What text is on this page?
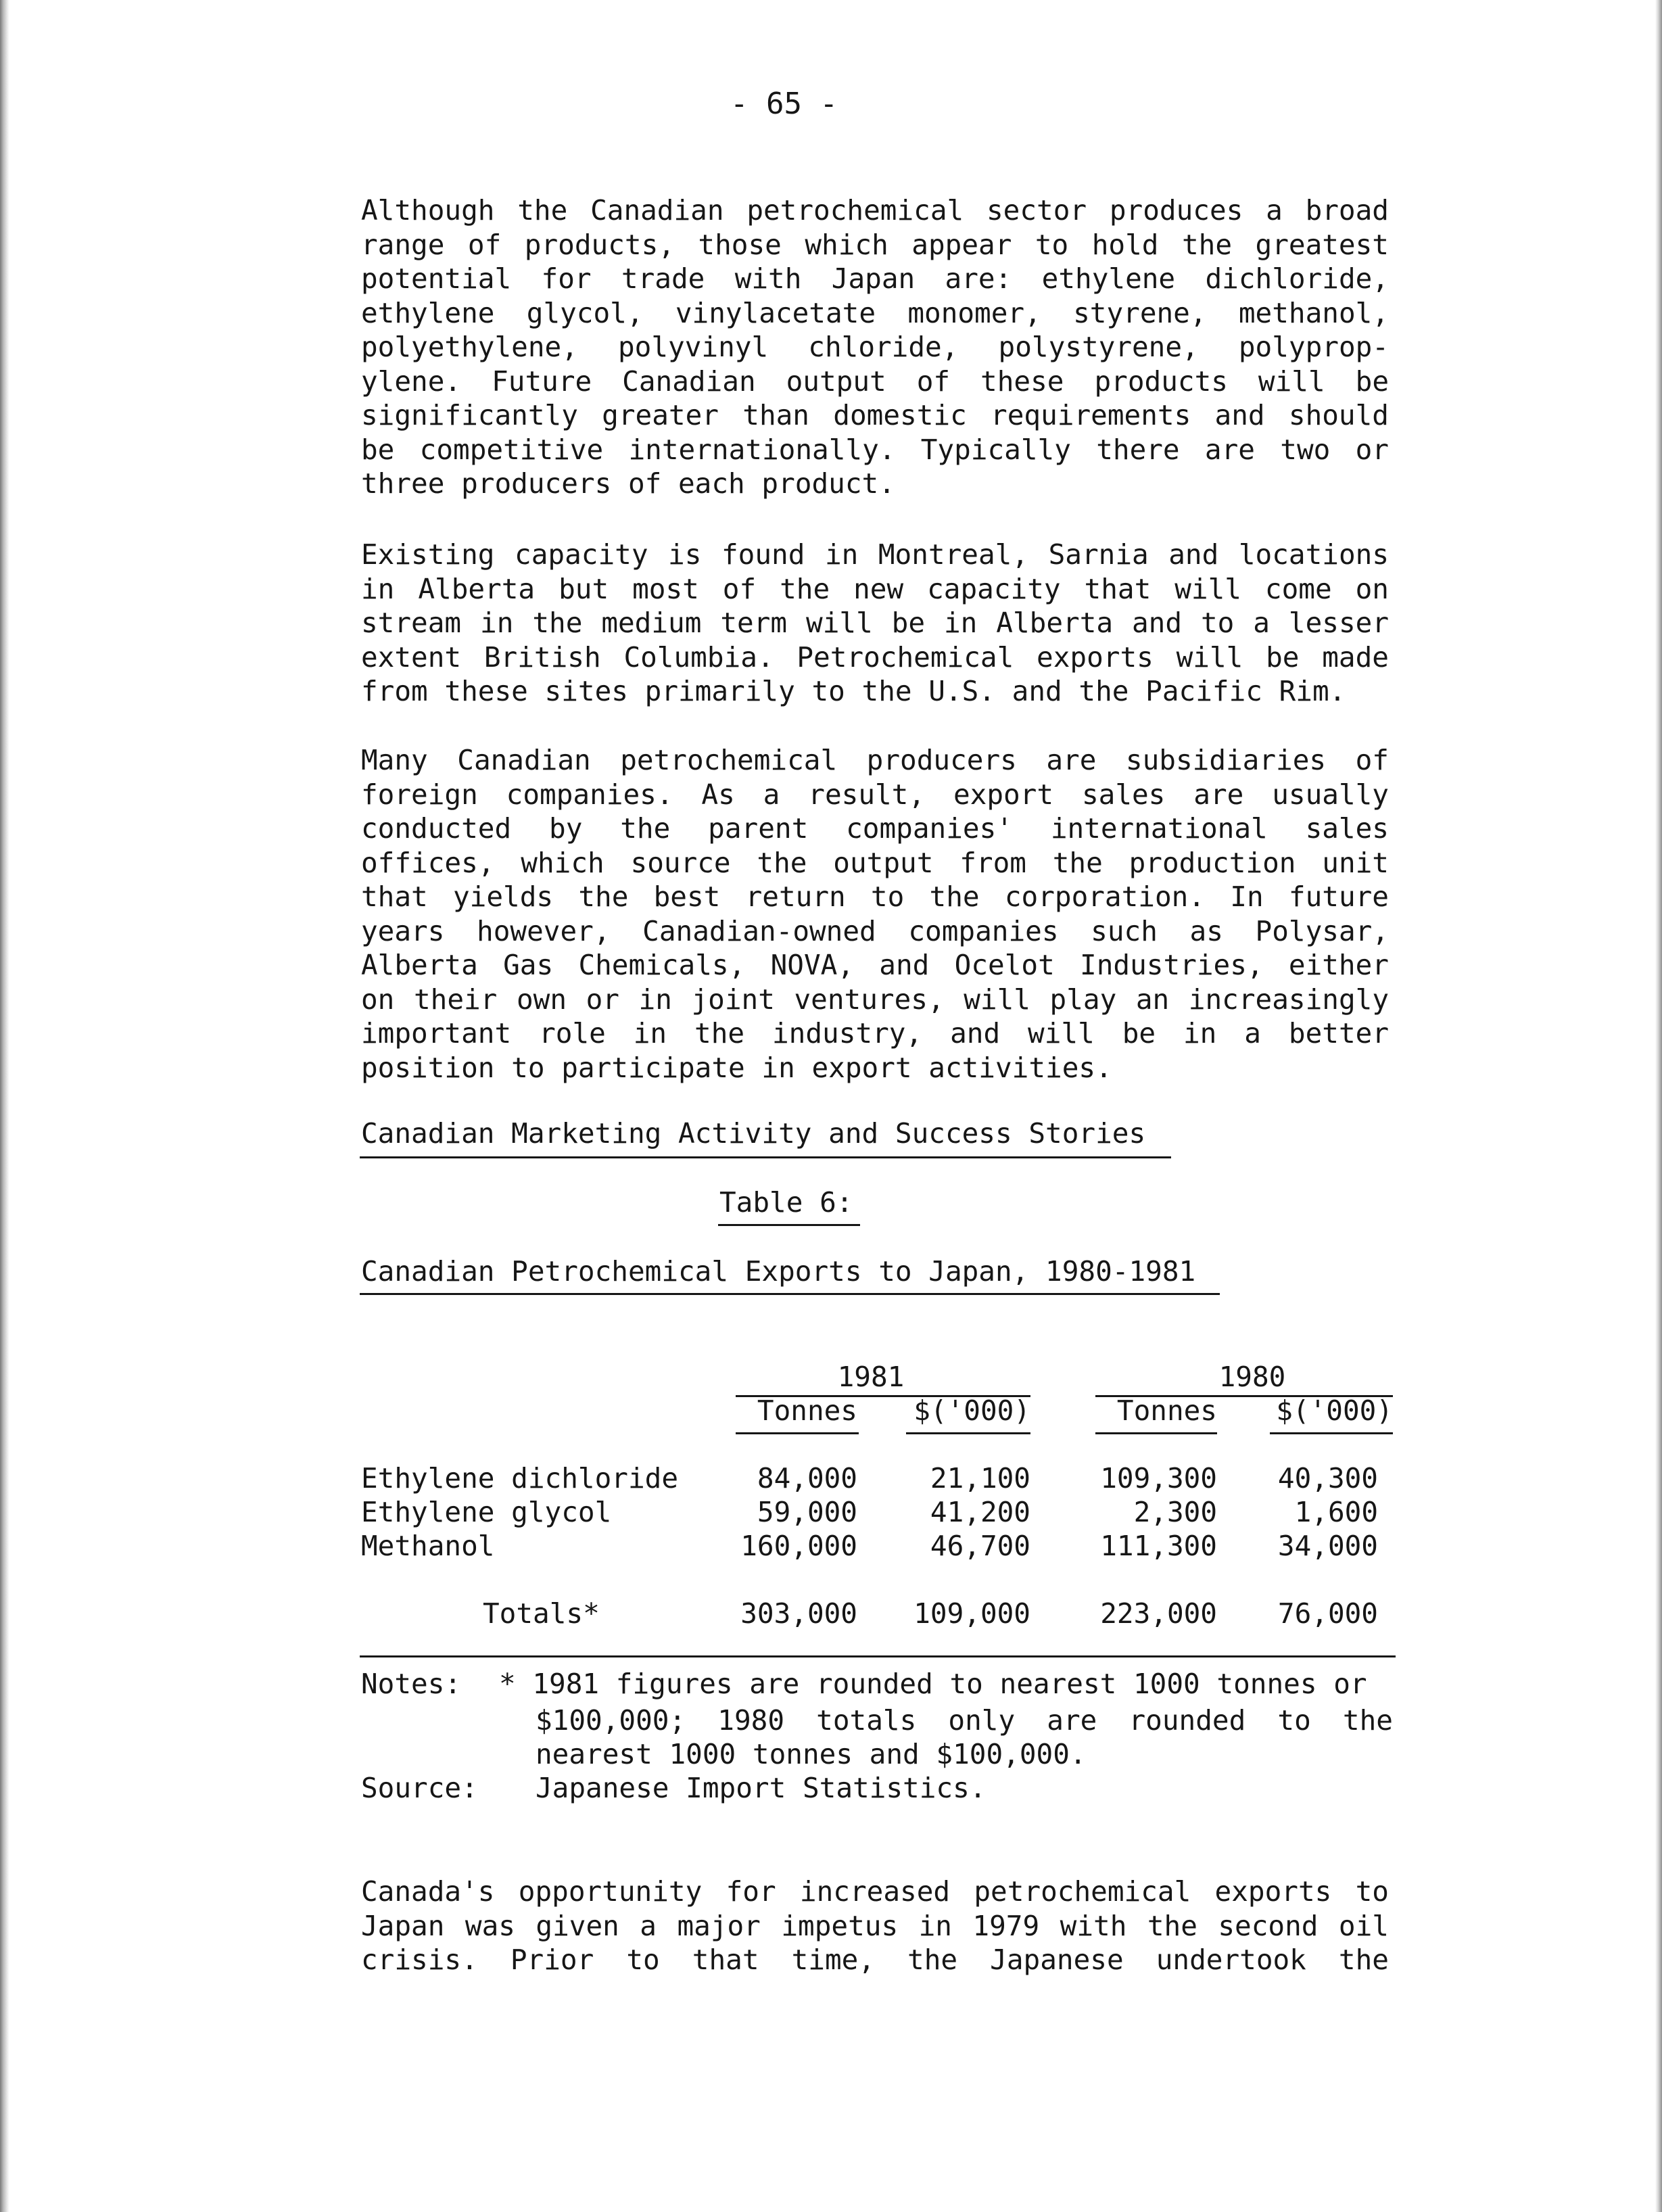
- 65 -

Although the Canadian petrochemical sector produces a broad
range of products, those which appear to hold the greatest
potential for trade with Japan are: ethylene dichloride,
ethylene glycol, vinylacetate monomer, styrene, methanol,
polyethylene, polyvinyl chloride, polystyrene, polyprop-
ylene. Future Canadian output of these products will be
significantly greater than domestic requirements and should
be competitive internationally. Typically there are two or
three producers of each product.

Existing capacity is found in Montreal, Sarnia and locations
in Alberta but most of the new capacity that will come on
stream in the medium term will be in Alberta and to a lesser
extent British Columbia. Petrochemical exports will be made
from these sites primarily to the U.S. and the Pacific Rim.

Many Canadian petrochemical producers are subsidiaries of
foreign companies. As a result, export sales are usually
conducted by the parent companies' international sales
offices, which source the output from the production unit
that yields the best return to the corporation. In future
years however, Canadian-owned companies such as Polysar,
Alberta Gas Chemicals, NOVA, and Ocelot Industries, either
on their own or in joint ventures, will play an increasingly
important role in the industry, and will be in a better
position to participate in export activities.

Canadian Marketing Activity and Success Stories
Table 6:
Canadian Petrochemical Exports to Japan, 1980-1981
1981	1980
Tonnes	$('000)	Tonnes	$('000)
Ethylene dichloride	84,000	21,100	109,300	40,300
Ethylene glycol	59,000	41,200	2,300	1,600
Methanol	160,000	46,700	111,300	34,000
Totals*	303,000	109,000	223,000	76,000
Notes: * 1981 figures are rounded to nearest 1000 tonnes or
$100,000; 1980 totals only are rounded to the
nearest 1000 tonnes and $100,000.
Source: Japanese Import Statistics.

Canada's opportunity for increased petrochemical exports to
Japan was given a major impetus in 1979 with the second oil
crisis. Prior to that time, the Japanese undertook the
